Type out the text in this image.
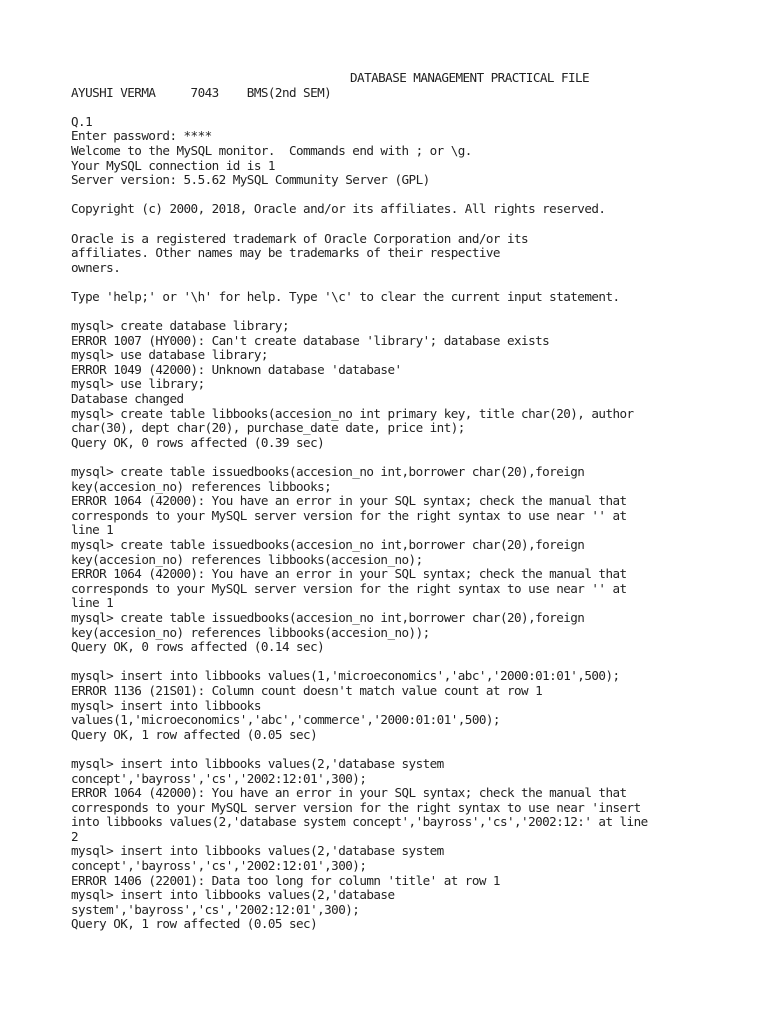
DATABASE MANAGEMENT PRACTICAL FILE
AYUSHI VERMA     7043    BMS(2nd SEM)
Q.1
Enter password: ****
Welcome to the MySQL monitor.  Commands end with ; or \g.
Your MySQL connection id is 1
Server version: 5.5.62 MySQL Community Server (GPL)
Copyright (c) 2000, 2018, Oracle and/or its affiliates. All rights reserved.
Oracle is a registered trademark of Oracle Corporation and/or its
affiliates. Other names may be trademarks of their respective
owners.
Type 'help;' or '\h' for help. Type '\c' to clear the current input statement.
mysql> create database library;
ERROR 1007 (HY000): Can't create database 'library'; database exists
mysql> use database library;
ERROR 1049 (42000): Unknown database 'database'
mysql> use library;
Database changed
mysql> create table libbooks(accesion_no int primary key, title char(20), author
char(30), dept char(20), purchase_date date, price int);
Query OK, 0 rows affected (0.39 sec)
mysql> create table issuedbooks(accesion_no int,borrower char(20),foreign
key(accesion_no) references libbooks;
ERROR 1064 (42000): You have an error in your SQL syntax; check the manual that
corresponds to your MySQL server version for the right syntax to use near '' at
line 1
mysql> create table issuedbooks(accesion_no int,borrower char(20),foreign
key(accesion_no) references libbooks(accesion_no);
ERROR 1064 (42000): You have an error in your SQL syntax; check the manual that
corresponds to your MySQL server version for the right syntax to use near '' at
line 1
mysql> create table issuedbooks(accesion_no int,borrower char(20),foreign
key(accesion_no) references libbooks(accesion_no));
Query OK, 0 rows affected (0.14 sec)
mysql> insert into libbooks values(1,'microeconomics','abc','2000:01:01',500);
ERROR 1136 (21S01): Column count doesn't match value count at row 1
mysql> insert into libbooks
values(1,'microeconomics','abc','commerce','2000:01:01',500);
Query OK, 1 row affected (0.05 sec)
mysql> insert into libbooks values(2,'database system
concept','bayross','cs','2002:12:01',300);
ERROR 1064 (42000): You have an error in your SQL syntax; check the manual that
corresponds to your MySQL server version for the right syntax to use near 'insert
into libbooks values(2,'database system concept','bayross','cs','2002:12:' at line
2
mysql> insert into libbooks values(2,'database system
concept','bayross','cs','2002:12:01',300);
ERROR 1406 (22001): Data too long for column 'title' at row 1
mysql> insert into libbooks values(2,'database
system','bayross','cs','2002:12:01',300);
Query OK, 1 row affected (0.05 sec)
